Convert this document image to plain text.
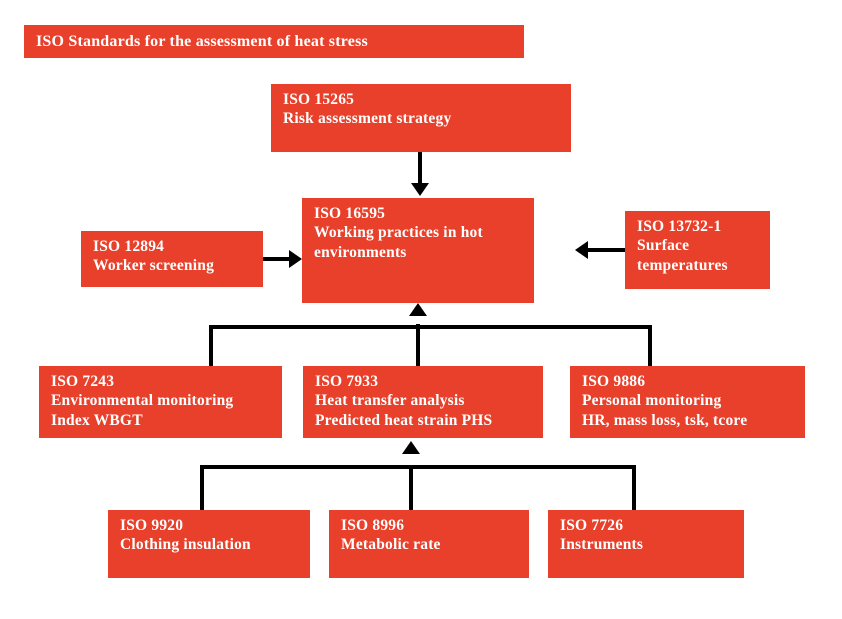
ISO Standards for the assessment of heat stress
ISO 15265
Risk assessment strategy
ISO 16595
Working practices in hot
environments
ISO 12894
Worker screening
ISO 13732-1
Surface
temperatures
ISO 7243
Environmental monitoring
Index WBGT
ISO 7933
Heat transfer analysis
Predicted heat strain PHS
ISO 9886
Personal monitoring
HR, mass loss, tsk, tcore
ISO 9920
Clothing insulation
ISO 8996
Metabolic rate
ISO 7726
Instruments
